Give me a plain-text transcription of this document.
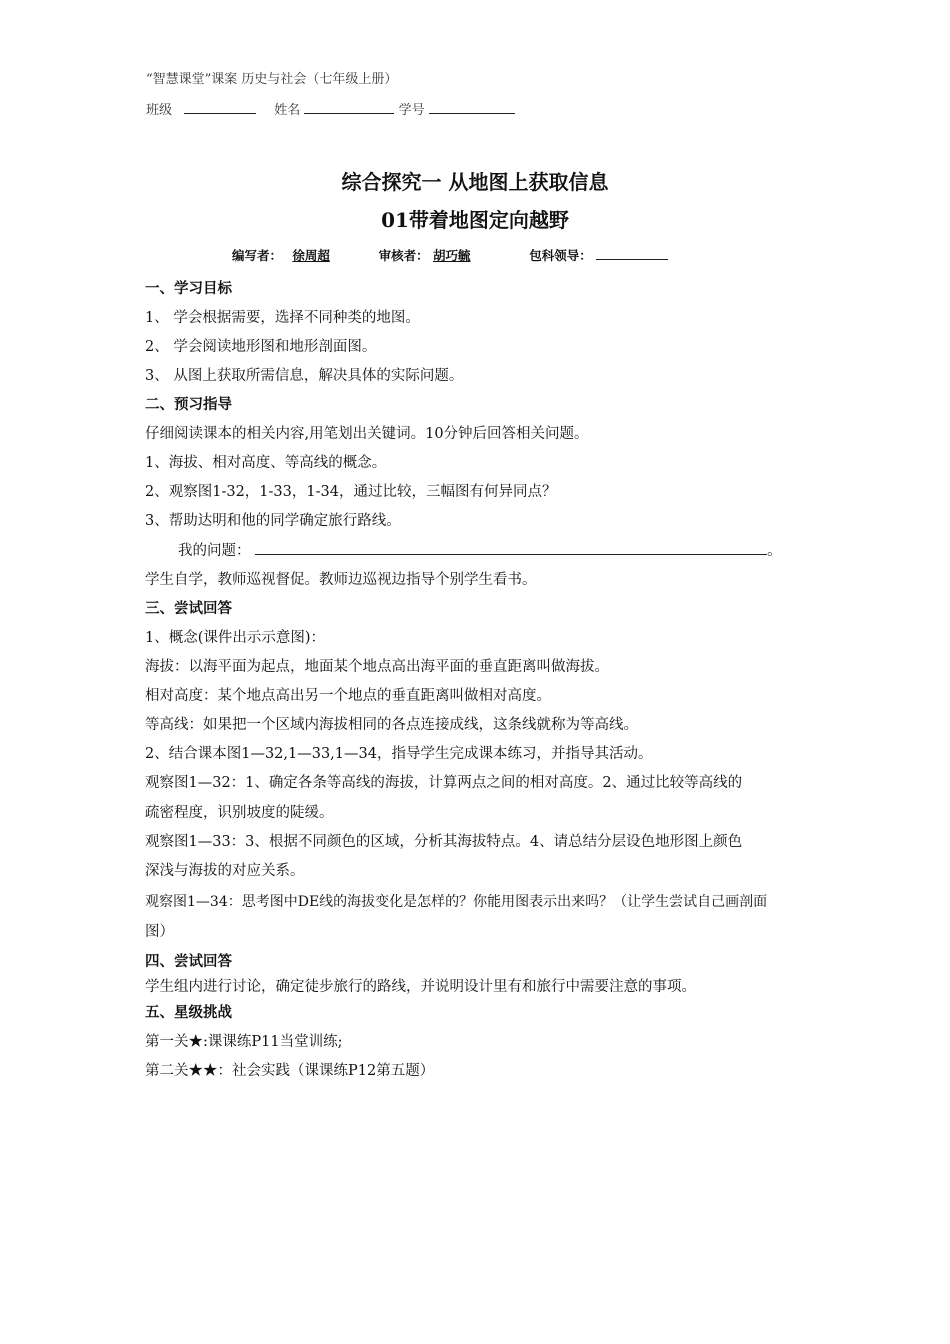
“智慧课堂”课案 历史与社会（七年级上册）
班级	姓名	学号
综合探究一 从地图上获取信息
01带着地图定向越野
编写者： 徐周超	审核者： 胡巧毓	包科领导：
一、学习目标
1、 学会根据需要，选择不同种类的地图。
2、 学会阅读地形图和地形剖面图。
3、 从图上获取所需信息，解决具体的实际问题。
二、预习指导
仔细阅读课本的相关内容,用笔划出关键词。10分钟后回答相关问题。
1、海拔、相对高度、等高线的概念。
2、观察图1-32，1-33，1-34，通过比较，三幅图有何异同点？
3、帮助达明和他的同学确定旅行路线。
我的问题：	。
学生自学，教师巡视督促。教师边巡视边指导个别学生看书。
三、尝试回答
1、概念(课件出示示意图)：
海拔：以海平面为起点，地面某个地点高出海平面的垂直距离叫做海拔。
相对高度：某个地点高出另一个地点的垂直距离叫做相对高度。
等高线：如果把一个区域内海拔相同的各点连接成线，这条线就称为等高线。
2、结合课本图1—32,1—33,1—34，指导学生完成课本练习，并指导其活动。
观察图1—32：1、确定各条等高线的海拔，计算两点之间的相对高度。2、通过比较等高线的
疏密程度，识别坡度的陡缓。
观察图1—33：3、根据不同颜色的区域，分析其海拔特点。4、请总结分层设色地形图上颜色
深浅与海拔的对应关系。
观察图1—34：思考图中DE线的海拔变化是怎样的？你能用图表示出来吗？（让学生尝试自己画剖面
图）
四、尝试回答
学生组内进行讨论，确定徒步旅行的路线，并说明设计里有和旅行中需要注意的事项。
五、星级挑战
第一关★:课课练P11当堂训练;
第二关★★：社会实践（课课练P12第五题）
